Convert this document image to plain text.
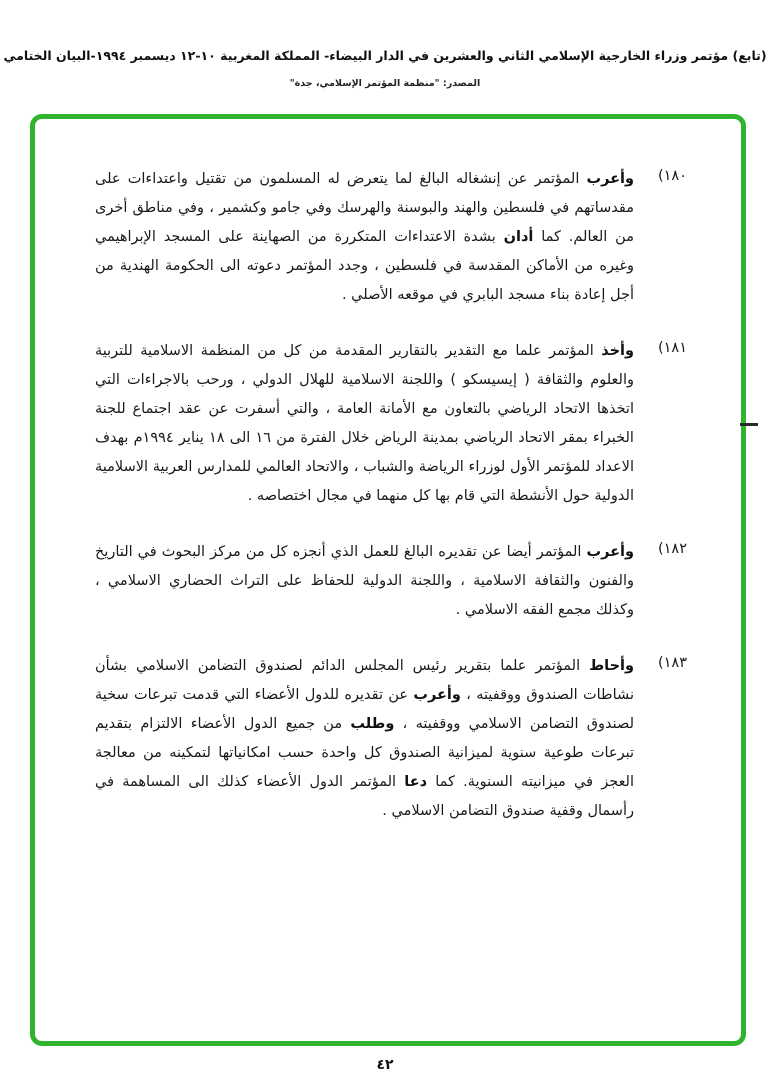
(تابع) مؤتمر وزراء الخارجية الإسلامي الثاني والعشرين في الدار البيضاء- المملكة المغربية ١٠-١٢ ديسمبر ١٩٩٤-البيان الختامي
المصدر: "منظمة المؤتمر الإسلامي، جدة"
١٨٠)
وأعرب المؤتمر عن إنشغاله البالغ لما يتعرض له المسلمون من تقتيل واعتداءات على مقدساتهم في فلسطين والهند والبوسنة والهرسك وفي جامو وكشمير ، وفي مناطق أخرى من العالم. كما أدان بشدة الاعتداءات المتكررة من الصهاينة على المسجد الإبراهيمي وغيره من الأماكن المقدسة في فلسطين ، وجدد المؤتمر دعوته الى الحكومة الهندية من أجل إعادة بناء مسجد البابري في موقعه الأصلي .
١٨١)
وأخذ المؤتمر علما مع التقدير بالتقارير المقدمة من كل من المنظمة الاسلامية للتربية والعلوم والثقافة ( إيسيسكو ) واللجنة الاسلامية للهلال الدولي ، ورحب بالاجراءات التي اتخذها الاتحاد الرياضي بالتعاون مع الأمانة العامة ، والتي أسفرت عن عقد اجتماع للجنة الخبراء بمقر الاتحاد الرياضي بمدينة الرياض خلال الفترة من ١٦ الى ١٨ يناير ١٩٩٤م بهدف الاعداد للمؤتمر الأول لوزراء الرياضة والشباب ، والاتحاد العالمي للمدارس العربية الاسلامية الدولية حول الأنشطة التي قام بها كل منهما في مجال اختصاصه .
١٨٢)
وأعرب المؤتمر أيضا عن تقديره البالغ للعمل الذي أنجزه كل من مركز البحوث في التاريخ والفنون والثقافة الاسلامية ، واللجنة الدولية للحفاظ على التراث الحضاري الاسلامي ، وكذلك مجمع الفقه الاسلامي .
١٨٣)
وأحاط المؤتمر علما بتقرير رئيس المجلس الدائم لصندوق التضامن الاسلامي بشأن نشاطات الصندوق ووقفيته ، وأعرب عن تقديره للدول الأعضاء التي قدمت تبرعات سخية لصندوق التضامن الاسلامي ووقفيته ، وطلب من جميع الدول الأعضاء الالتزام بتقديم تبرعات طوعية سنوية لميزانية الصندوق كل واحدة حسب امكانياتها لتمكينه من معالجة العجز في ميزانيته السنوية. كما دعا المؤتمر الدول الأعضاء كذلك الى المساهمة في رأسمال وقفية صندوق التضامن الاسلامي .
٤٢
